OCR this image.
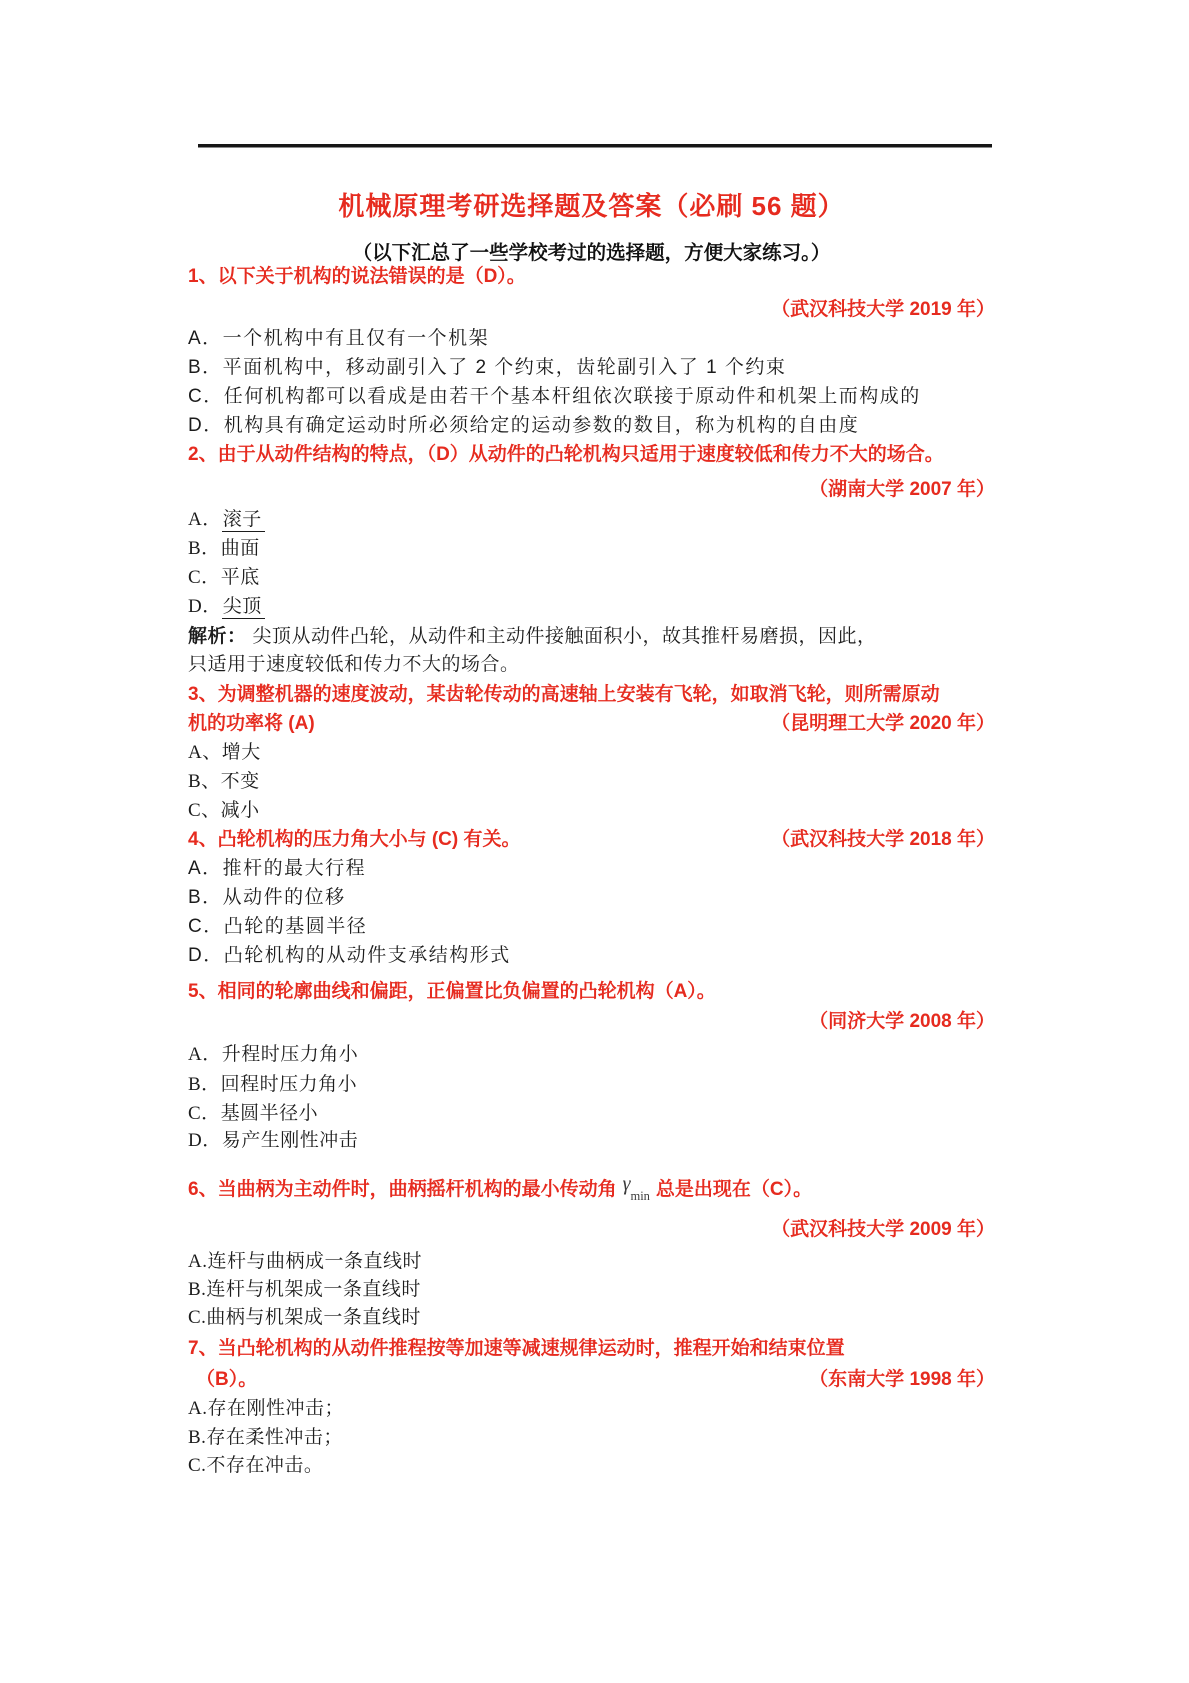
机械原理考研选择题及答案（必刷 56 题）
（以下汇总了一些学校考过的选择题，方便大家练习。）
1、以下关于机构的说法错误的是（D）。
（武汉科技大学 2019 年）
A．一个机构中有且仅有一个机架
B．平面机构中，移动副引入了 2 个约束，齿轮副引入了 1 个约束
C．任何机构都可以看成是由若干个基本杆组依次联接于原动件和机架上而构成的
D．机构具有确定运动时所必须给定的运动参数的数目，称为机构的自由度
2、由于从动件结构的特点，（D）从动件的凸轮机构只适用于速度较低和传力不大的场合。
（湖南大学 2007 年）
A．滚子
B．曲面
C．平底
D．尖顶
解析： 尖顶从动件凸轮，从动件和主动件接触面积小，故其推杆易磨损，因此，
只适用于速度较低和传力不大的场合。
3、为调整机器的速度波动，某齿轮传动的高速轴上安装有飞轮，如取消飞轮，则所需原动
机的功率将 (A)	（昆明理工大学 2020 年）
A、增大
B、不变
C、减小
4、凸轮机构的压力角大小与 (C) 有关。	（武汉科技大学 2018 年）
A．推杆的最大行程
B．从动件的位移
C．凸轮的基圆半径
D．凸轮机构的从动件支承结构形式
5、相同的轮廓曲线和偏距，正偏置比负偏置的凸轮机构（A）。
（同济大学 2008 年）
A．升程时压力角小
B．回程时压力角小
C．基圆半径小
D．易产生刚性冲击
6、当曲柄为主动件时，曲柄摇杆机构的最小传动角 $\gamma_{min}$ 总是出现在（C）。
（武汉科技大学 2009 年）
A.连杆与曲柄成一条直线时
B.连杆与机架成一条直线时
C.曲柄与机架成一条直线时
7、当凸轮机构的从动件推程按等加速等减速规律运动时，推程开始和结束位置
（B）。	（东南大学 1998 年）
A.存在刚性冲击；
B.存在柔性冲击；
C.不存在冲击。
